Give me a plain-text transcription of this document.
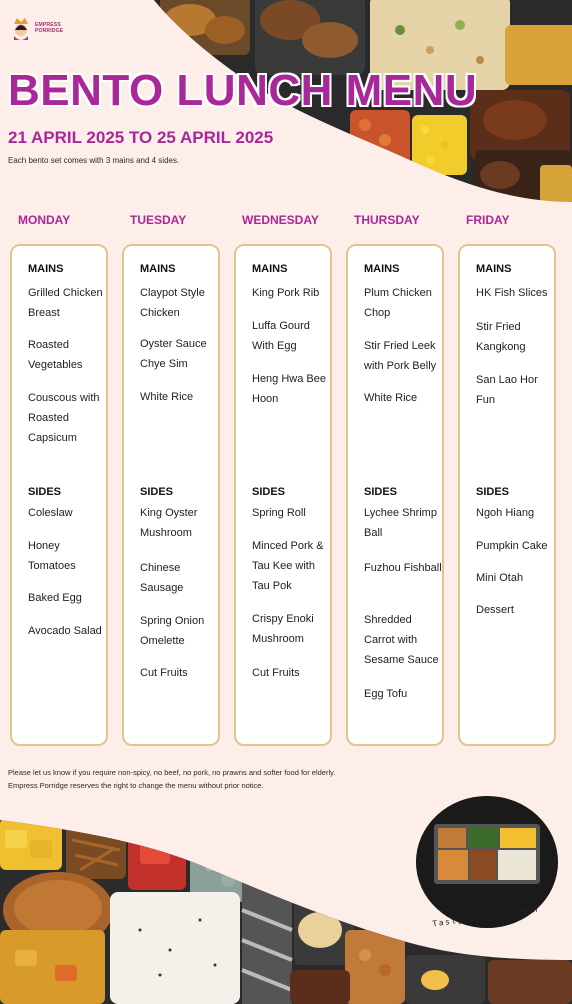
EMPRESS
PORRIDGE
BENTO LUNCH MENU
21 APRIL 2025 TO 25 APRIL 2025
Each bento set comes with 3 mains and 4 sides.
MONDAY	TUESDAY	WEDNESDAY	THURSDAY	FRIDAY
MAINS
Grilled Chicken Breast
Roasted Vegetables
Couscous with Roasted Capsicum
SIDES
Coleslaw
Honey Tomatoes
Baked Egg
Avocado Salad
MAINS
Claypot Style Chicken
Oyster Sauce Chye Sim
White Rice
SIDES
King Oyster Mushroom
Chinese Sausage
Spring Onion Omelette
Cut Fruits
MAINS
King Pork Rib
Luffa Gourd With Egg
Heng Hwa Bee Hoon
SIDES
Spring Roll
Minced Pork & Tau Kee with Tau Pok
Crispy Enoki Mushroom
Cut Fruits
MAINS
Plum Chicken Chop
Stir Fried Leek with Pork Belly
White Rice
SIDES
Lychee Shrimp Ball
Fuzhou Fishball
Shredded Carrot with Sesame Sauce
Egg Tofu
MAINS
HK Fish Slices
Stir Fried Kangkong
San Lao Hor Fun
SIDES
Ngoh Hiang
Pumpkin Cake
Mini Otah
Dessert
Please let us know if you require non-spicy, no beef, no pork, no prawns and softer food for elderly.
Empress Porridge reserves the right to change the menu without prior notice.
Tasty Bento Lunch
